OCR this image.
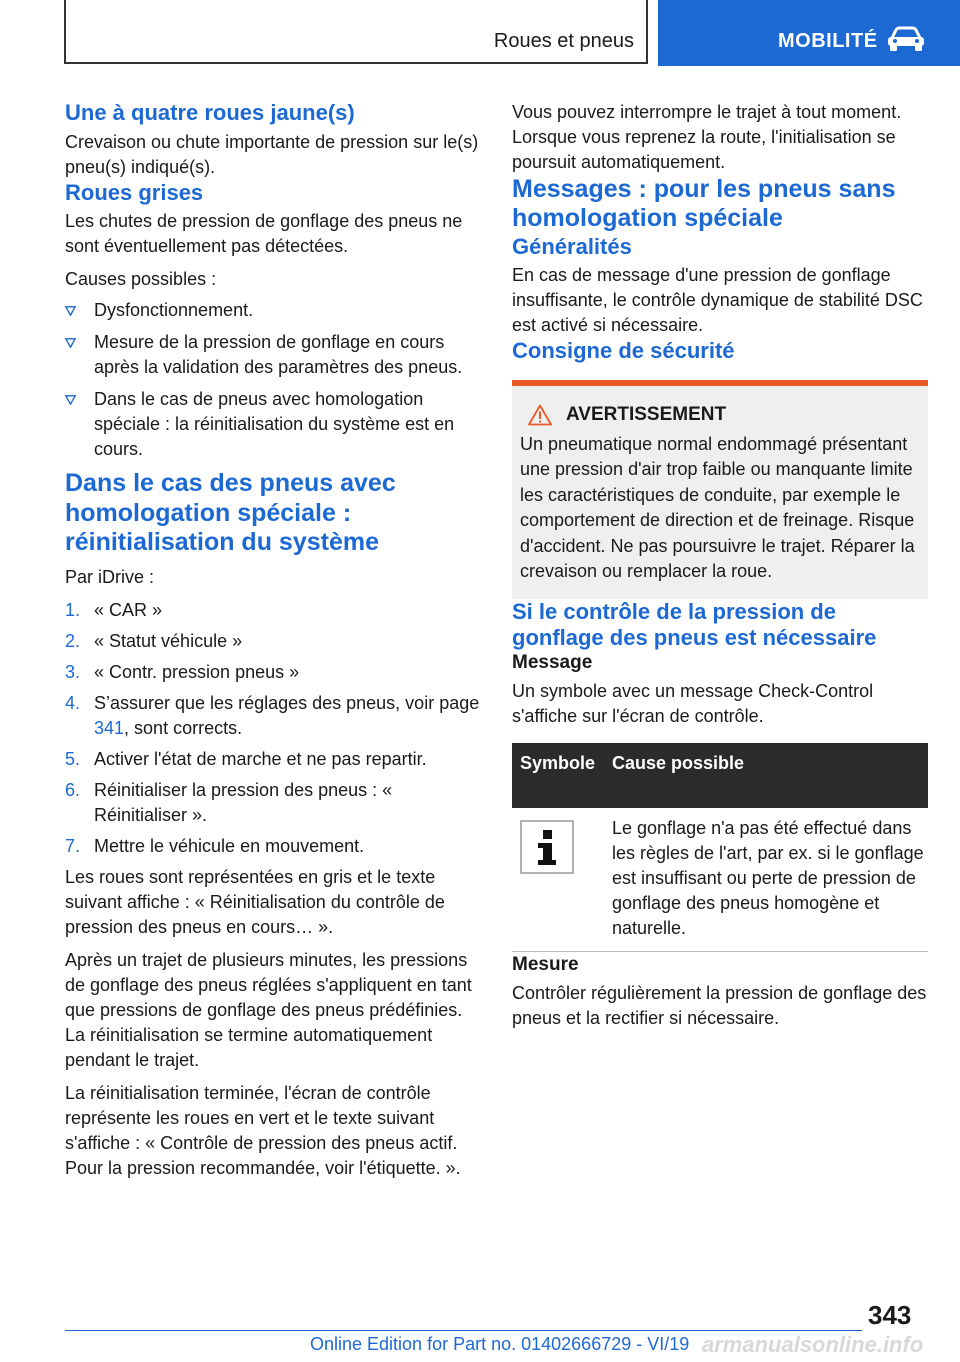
Roues et pneus	MOBILITÉ
Une à quatre roues jaune(s)

Crevaison ou chute importante de pression sur le(s) pneu(s) indiqué(s).

Roues grises

Les chutes de pression de gonflage des pneus ne sont éventuellement pas détectées.

Causes possibles :

Dysfonctionnement.
Mesure de la pression de gonflage en cours après la validation des paramètres des pneus.
Dans le cas de pneus avec homologation spéciale : la réinitialisation du système est en cours.
Dans le cas des pneus avec homologation spéciale : réinitialisation du système

Par iDrive :

1. « CAR »
2. « Statut véhicule »
3. « Contr. pression pneus »
4. S’assurer que les réglages des pneus, voir page 341, sont corrects.
5. Activer l'état de marche et ne pas repartir.
6. Réinitialiser la pression des pneus : « Réinitialiser ».
7. Mettre le véhicule en mouvement.

Les roues sont représentées en gris et le texte suivant affiche : « Réinitialisation du contrôle de pression des pneus en cours… ».

Après un trajet de plusieurs minutes, les pressions de gonflage des pneus réglées s'appliquent en tant que pressions de gonflage des pneus prédéfinies. La réinitialisation se termine automatiquement pendant le trajet.

La réinitialisation terminée, l'écran de contrôle représente les roues en vert et le texte suivant s'affiche : « Contrôle de pression des pneus actif. Pour la pression recommandée, voir l'étiquette. ».

Vous pouvez interrompre le trajet à tout moment. Lorsque vous reprenez la route, l'initialisation se poursuit automatiquement.

Messages : pour les pneus sans homologation spéciale
Généralités

En cas de message d'une pression de gonflage insuffisante, le contrôle dynamique de stabilité DSC est activé si nécessaire.

Consigne de sécurité
AVERTISSEMENT

Un pneumatique normal endommagé présentant une pression d'air trop faible ou manquante limite les caractéristiques de conduite, par exemple le comportement de direction et de freinage. Risque d'accident. Ne pas poursuivre le trajet. Réparer la crevaison ou remplacer la roue.

Si le contrôle de la pression de gonflage des pneus est nécessaire

Message

Un symbole avec un message Check-Control s'affiche sur l'écran de contrôle.

Symbole Cause possible
Le gonflage n'a pas été effectué dans les règles de l'art, par ex. si le gonflage est insuffisant ou perte de pression de gonflage des pneus homogène et naturelle.

Mesure

Contrôler régulièrement la pression de gonflage des pneus et la rectifier si nécessaire.

343
armanualsonline.info
Online Edition for Part no. 01402666729 - VI/19
